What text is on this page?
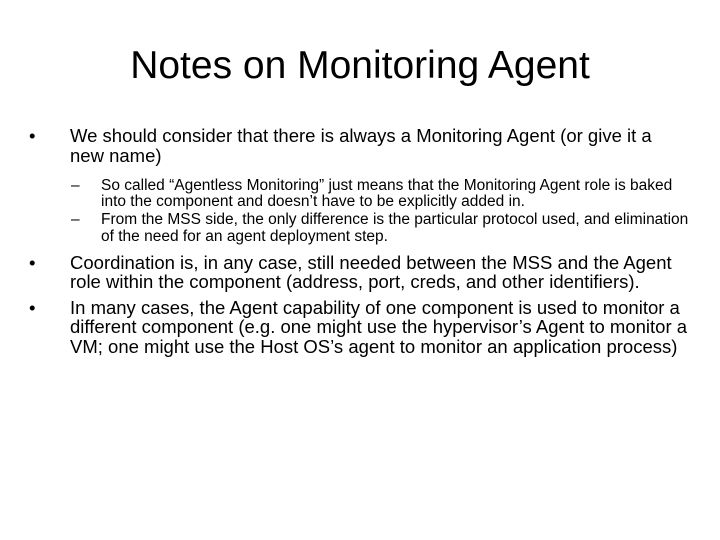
Notes on Monitoring Agent
•	We should consider that there is always a Monitoring Agent (or give it a new name)
–	So called “Agentless Monitoring” just means that the Monitoring Agent role is baked into the component and doesn’t have to be explicitly added in.
–	From the MSS side, the only difference is the particular protocol used, and elimination of the need for an agent deployment step.
•	Coordination is, in any case, still needed between the MSS and the Agent role within the component (address, port, creds, and other identifiers).
•	In many cases, the Agent capability of one component is used to monitor a different component (e.g. one might use the hypervisor’s Agent to monitor a VM; one might use the Host OS’s agent to monitor an application process)
